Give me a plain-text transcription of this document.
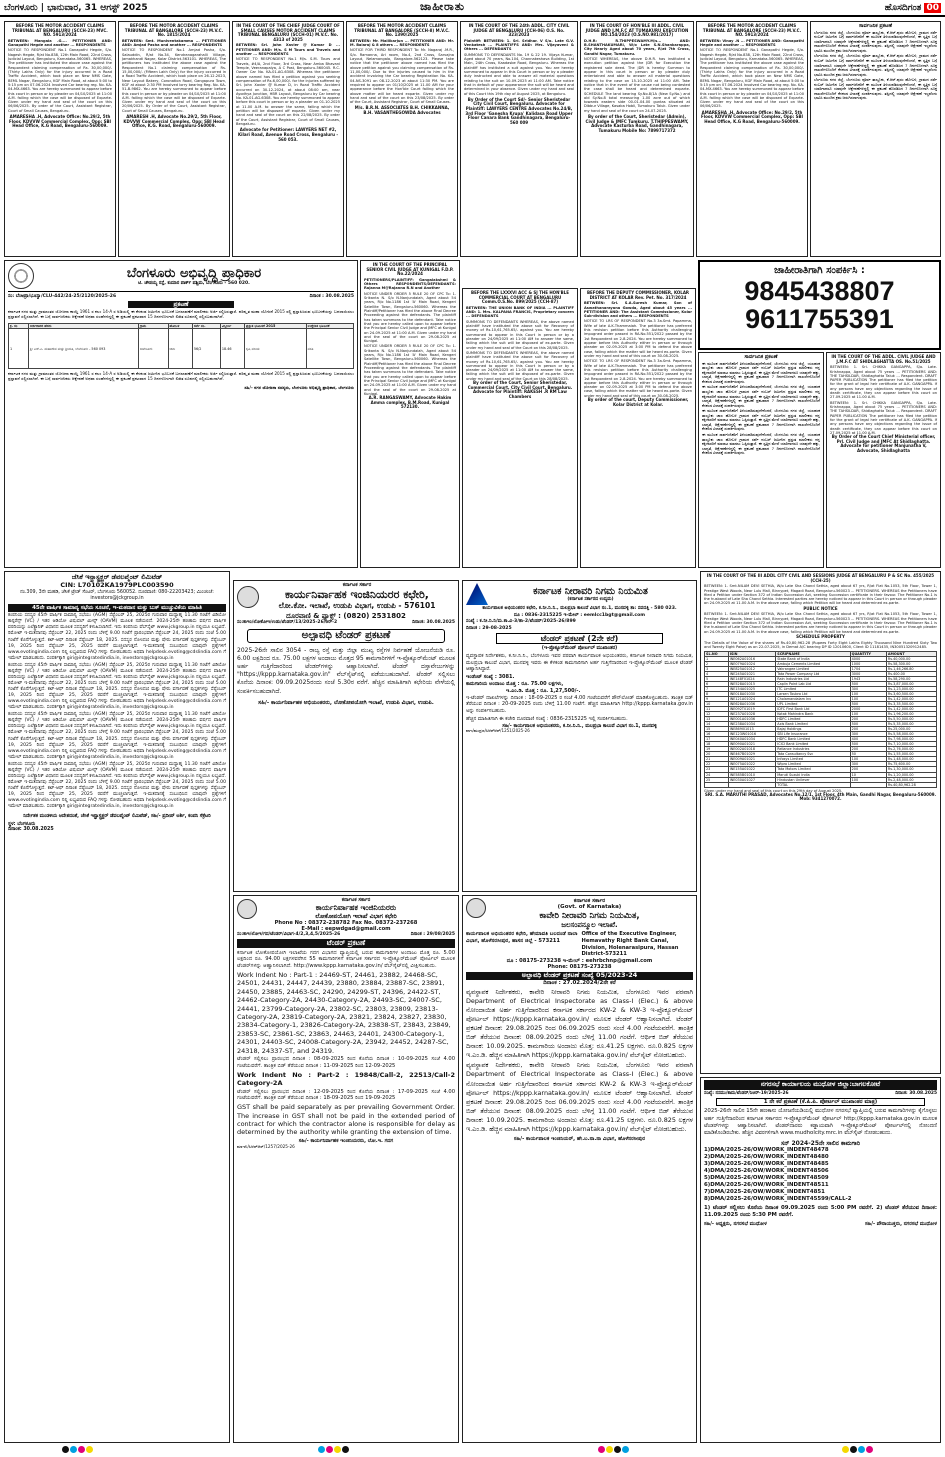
ಬೆಂಗಳೂರು | ಭಾನುವಾರ, 31 ಆಗಸ್ಟ್ 2025	ಜಾಹೀರಾತು	ಹೊಸದಿಗಂತ 00
BEFORE THE MOTOR ACCIDENT CLAIMS TRIBUNAL AT BENGALURU (SCCH-23) MVC. NO. 5913/2024
BETWEEN: Mangala .G.... PETITIONER AND: Ganapathi Hegde and another ... RESPONDENTS
NOTICE TO RESPONDENT No.1 Ganapathi Hegde, S/o. Nagesh Hegde, R/at No.838, 12th Main Road, 22nd Cross, Judicial Layout, Bengaluru, Karnataka-560065. WHEREAS, The petitioner has instituted the above case against the Respondent claiming compensation of Rs. 30,00,000/- (Thirty Lakhs Only) for the injury occurred in a Road Traffic Accident, which took place on New NMS Gate, BEML Nagar, Bengaluru, KGF Main Road, at about 5:00 to 5:15 pm on 07.06.2024 Involved Car bearing reg. No. KA-04-MX-4663. You are hereby summoned to appear before this court in person or by pleader on 04/10/2025 at 11:00 A.M. failing which the case will be disposed of Exparte. Given under my hand and seal of the court on this 06/06/2025. By order of the Court, Assistant Registrar, Court of Small Causes, Bengaluru.
AMARESHA .H, Advocate Office: No.29/2, 5th Floor, KDVVW Commercial Complex, Opp: SBI Head Office, K.G Road, Bengaluru-560009.
BEFORE THE MOTOR ACCIDENT CLAIMS TRIBUNAL AT BANGALORE (SCCH-23) M.V.C. No. 1815/2024
BETWEEN: Smt. Muniventakamma ... PETITIONER AND: Amjad Pasha and another ... RESPONDENTS
NOTICE TO RESPONDENT No.1 Amjad Pasha, S/o. Salauddin, R/at No.34, Kendranagarahalli Village, Jamakhandi Nagar, Kolar District-563101. WHEREAS, The petitioners has instituted the above case against the Respondent No.1 claiming compensation of Rs. 15,00,000/- (Fifteen Lakh Only) for the injury occurred in a Road Traffic Accident, which took place on 26.12.2023, Near Loyout Bakery, Coronation Road, Gangapura Town, KGF at about 2:30 PM Involved lorry bearing Reg. No. KA-51-B-9862. You are hereby summoned to appear before this court in person or by pleader on 04/10/2025 at 11:00 A.M. failing which the case will be disposed of Exparte. Given under my hand and seal of the court on this 20/06/2025. By Order of the Court, Assistant Registrar, Court of Small Causes, Bengaluru.
AMARESH .H, Advocate No.29/2, 5th Floor, KDVVW Commercial Complex, Opp: SBI Head Office, K.G. Road, Bengaluru-560009.
IN THE COURT OF THE CHIEF JUDGE COURT OF SMALL CAUSES MOTOR ACCIDENT CLAIMS TRIBUNAL BENGALURU (SCCH-01) M.V.C. No. 4313 of 2025
BETWEEN: Sri. John Xavier @ Kumar D ... PETITIONER AND: M/s. S M Tours and Travels and another ... RESPONDENTS
NOTICE TO RESPONDENT No.1 M/s. S.M. Tours and Travels, #4/A, 2nd Floor, 3rd Cross, Near Amba Bhavani Temple, Veeranapalya, A C Post, Bengaluru-560045. R.C. Owner Car No. KA-01-AG-6308. Whereas the petitioner above named has filed a petition against you seeking compensation of Rs.6,00,000/- for the injuries suffered by Sri. John Xavier @ Kumar D, in Road Traffic Accident occurred on 30-12-2024, at about 08:00 am, near Ayodhya Junction, HBR Layout, Bengaluru by Car bearing No. KA-01-AG-6308. You are hereby summoned to appear before this court in person or by a pleader on 01.10.2025 at 11.00 A.M. to answer the same, failing which the petition will be disposed off exparte. Given under my hand and seal of the court on this 22/08/2025. By order of the Court, Assistant Registrar, Court of Small Causes, Bengaluru.
Advocate for Petitioner: LAWYERS NET #2, Kilari Road, Avenue Road Cross, Bengaluru - 560 053.
BEFORE THE MOTOR ACCIDENT CLAIMS TRIBUNAL AT BANGALORE (SCCH-8) M.V.C. No. 1390/2025
BETWEEN: Mr. Mallikarjun ... PETITIONER AND: Mr. M. Balaraj & 8 others ... RESPONDENTS
NOTICE FOR THIRD RESPONDENT To: Mr. Nagaraj .M.R., S/o. Ramanna, Ari room, No.4, 2nd Cross, Sarvajna Layout, Nelamangala, Bangalore-562123. Please take notice that the petitioner above named has filed the above petition against you claiming compensation of Rs. 11,00,000/- Due to the injuries caused to him in the accident involving the Car bearing Registration No. KA-04-NS-3091 on 08-12-2023 at about 11:30 PM. You are required to appear on 01/10/2025 at 11.00 AM for your appearance before the Hon'ble Court failing which the above matter will be heard exparte. Given under my hand and seal of the court on this 23/08/2025. By order of the Court, Assistant Registrar, Court of Small Causes.
M/s. B.R.N. ASSOCIATES B.H. CHIKKANNA, B.H. VASANTHEGOWDA Advocates
IN THE COURT OF THE 24th ADDL. CITY CIVIL JUDGE AT BENGALURU (CCH-06) O.S. No. 323/2023
Plaintiff: BETWEEN: 1. Sri. Sridhar. V S/o. Late G.V. Venkatesh ... PLAINTIFFS AND: Mrs. Vijayaveni & Others ... DEFENDANTS
SUMMONS TO DEFENDANTS No. 19 & 22 19. Vijaya Kumar, Aged about 70 years, No.104, Channakeshava Building, 1st Main, 24th Cross, Kaadasbe Road, Bengaluru. Whereas the plaintiff has instituted a suit against you. You are hereby summoned to appear in this Court in person or by a pleader duly instructed and able to answer all material questions relating to the suit on 10-09-2025 at 11:00 AM. Take notice that in default of your appearance the suit will be heard and determined in your absence. Given under my hand and seal of this Court this 19th day of August 2025, at Bengaluru.
By Order of the Court Sd/- Senior Sheristedar City Civil Court, Bengaluru. Advocate for Plaintiff: LAWYERS CENTRE Advocates No.24/B, 3rd Floor 'Ganesha Krupa' Kalidasa Road Upper Floor Canara Bank Gandhinagara, Bengaluru-560 009
IN THE COURT OF HON'BLE III ADDL. CIVIL JUDGE AND J.M.F.C AT TUMAKURU EXECUTION NO.154/2023 (O.S.NO.981/2017)
D.H.R: R.THIPPESWAMY.M/s... AND: B.SHANTHAKUMARI, W/o Late S.N.Shankarappa, City Nearly Aged about 70 years, R/at 7th Cross, Gandhi Nagar, Tumakuru.
NOTICE WHEREAS, the above D.H.R. has instituted a execution petition against the JDR for Execution the registered sale deed. The JDR is hereby Summon to appear in this court in person or by pleader duly entertained and able to answer all material questions relating to the case on 15-10-2025 at 11:00 AM. Take notice that in the event of the cause not being contested the case shall be heard and determined exparte. SCHEDULE The land bearing Sy.No.8/1A (New Sy.No.) and old Sy.No.8 total measuring 1-00 acre out of which towards eastern side 00-01.04.00 guntas situated at Dibbur Village, Kasaba Hobli, Tumakuru Taluk. Given under my hand and seal of the court on 24-07-2025.
By order of the Court, Sheristedar (Admin), Civil Judge & JMFC Tumkuru. T.THIPPESWAMY, Advocate Kasturba Road, Gandhinagara, Tumakuru Mobile No: 7899717372
BEFORE THE MOTOR ACCIDENT CLAIMS TRIBUNAL AT BANGALORE (SCCH-23) M.V.C. NO. 5913/2024
BETWEEN: Vinay .N ... PETITIONER AND: Ganapathi Hegde and another ... RESPONDENTS
NOTICE TO RESPONDENT No.1 Ganapathi Hegde, S/o. Nagesh Hegde, R/at No.838, 12th Main Road, 22nd Cross, Judicial Layout, Bengaluru, Karnataka-560065. WHEREAS, The petitioner has instituted the above case against the Respondent claiming compensation of Rs. 30,00,000/- (Thirty Lakhs Only) for the injury occurred in a Road Traffic Accident, which took place on New NMS Gate, BEML Nagar, Bengaluru, KGF Main Road, at about 5:00 to 5:15 pm on 07.06.2024 Involved Car bearing reg. No. KA-04-MX-4663. You are hereby summoned to appear before this court in person or by pleader on 04/10/2025 at 11:00 A.M. failing which the case will be disposed of Exparte. Given under my hand and seal of the court on this 06/06/2025.
AMARESHA .H, Advocate Office: No.29/2, 5th Floor, KDVVW Commercial Complex, Opp: SBI Head Office, K.G Road, Bengaluru-560009.
ಸಾರ್ವಜನಿಕ ಪ್ರಕಟಣೆ
ಬೆಂಗಳೂರು ನಗರ ಜಿಲ್ಲೆ, ಬೆಂಗಳೂರು ಪೂರ್ವ ತಾಲ್ಲೂಕು, ಕೆ.ಆರ್.ಪುರಂ ಹೋಬಳಿ, ಗ್ರಾಮದ ಸರ್ವೆ ನಂಬರ್ ಜಮೀನಿನ ಬಗ್ಗೆ ಸಾರ್ವಜನಿಕರಿಗೆ ಈ ಮೂಲಕ ತಿಳಿಯಪಡಿಸುವುದೇನೆಂದರೆ, ಈ ಸ್ವತ್ತಿನ ಬಗ್ಗೆ ಯಾರಿಗಾದರೂ ಯಾವುದೇ ಆಕ್ಷೇಪಣೆಗಳಿದ್ದಲ್ಲಿ ಈ ಪ್ರಕಟಣೆ ಹೊರಡಿಸಿದ 7 ದಿನಗಳೊಳಗಾಗಿ ಸೂಕ್ತ ದಾಖಲೆಗಳೊಂದಿಗೆ ಕೆಳಕಂಡ ವಿಳಾಸಕ್ಕೆ ಸಂಪರ್ಕಿಸುವುದು. ತಪ್ಪಿದಲ್ಲಿ ಯಾವುದೇ ಆಕ್ಷೇಪಣೆ ಇಲ್ಲವೆಂದು ಭಾವಿಸಿ ಮುಂದಿನ ಕ್ರಮ ಜರುಗಿಸಲಾಗುವುದು.
ಬೆಂಗಳೂರು ನಗರ ಜಿಲ್ಲೆ, ಬೆಂಗಳೂರು ಪೂರ್ವ ತಾಲ್ಲೂಕು, ಕೆ.ಆರ್.ಪುರಂ ಹೋಬಳಿ, ಗ್ರಾಮದ ಸರ್ವೆ ನಂಬರ್ ಜಮೀನಿನ ಬಗ್ಗೆ ಸಾರ್ವಜನಿಕರಿಗೆ ಈ ಮೂಲಕ ತಿಳಿಯಪಡಿಸುವುದೇನೆಂದರೆ, ಈ ಸ್ವತ್ತಿನ ಬಗ್ಗೆ ಯಾರಿಗಾದರೂ ಯಾವುದೇ ಆಕ್ಷೇಪಣೆಗಳಿದ್ದಲ್ಲಿ ಈ ಪ್ರಕಟಣೆ ಹೊರಡಿಸಿದ 7 ದಿನಗಳೊಳಗಾಗಿ ಸೂಕ್ತ ದಾಖಲೆಗಳೊಂದಿಗೆ ಕೆಳಕಂಡ ವಿಳಾಸಕ್ಕೆ ಸಂಪರ್ಕಿಸುವುದು. ತಪ್ಪಿದಲ್ಲಿ ಯಾವುದೇ ಆಕ್ಷೇಪಣೆ ಇಲ್ಲವೆಂದು ಭಾವಿಸಿ ಮುಂದಿನ ಕ್ರಮ ಜರುಗಿಸಲಾಗುವುದು.
ಬೆಂಗಳೂರು ನಗರ ಜಿಲ್ಲೆ, ಬೆಂಗಳೂರು ಪೂರ್ವ ತಾಲ್ಲೂಕು, ಕೆ.ಆರ್.ಪುರಂ ಹೋಬಳಿ, ಗ್ರಾಮದ ಸರ್ವೆ ನಂಬರ್ ಜಮೀನಿನ ಬಗ್ಗೆ ಸಾರ್ವಜನಿಕರಿಗೆ ಈ ಮೂಲಕ ತಿಳಿಯಪಡಿಸುವುದೇನೆಂದರೆ, ಈ ಸ್ವತ್ತಿನ ಬಗ್ಗೆ ಯಾರಿಗಾದರೂ ಯಾವುದೇ ಆಕ್ಷೇಪಣೆಗಳಿದ್ದಲ್ಲಿ ಈ ಪ್ರಕಟಣೆ ಹೊರಡಿಸಿದ 7 ದಿನಗಳೊಳಗಾಗಿ ಸೂಕ್ತ ದಾಖಲೆಗಳೊಂದಿಗೆ ಕೆಳಕಂಡ ವಿಳಾಸಕ್ಕೆ ಸಂಪರ್ಕಿಸುವುದು. ತಪ್ಪಿದಲ್ಲಿ ಯಾವುದೇ ಆಕ್ಷೇಪಣೆ ಇಲ್ಲವೆಂದು ಭಾವಿಸಿ ಮುಂದಿನ ಕ್ರಮ ಜರುಗಿಸಲಾಗುವುದು.
ಬೆಂಗಳೂರು ಅಭಿವೃದ್ಧಿ ಪ್ರಾಧಿಕಾರ
ಟಿ. ಚೌಡಯ್ಯ ರಸ್ತೆ, ಕುಮಾರ ಪಾರ್ಕ್ ಪಶ್ಚಿಮ, ಬೆಂಗಳೂರು - 560 020.
ಸಂ: ಬೆಂಅಪ್ರಾ/ಭೂಸ್ವಾ/CLU-442/24-25/2120/2025-26	ದಿನಾಂಕ : 30.08.2025
ಪ್ರಕಟಣೆ
ಕರ್ನಾಟಕ ನಗರ ಮತ್ತು ಗ್ರಾಮಾಂತರ ಯೋಜನಾ ಕಾಯ್ದೆ 1961 ರ ಕಲಂ 14-A ರ ಅಡಿಯಲ್ಲಿ ಈ ಕೆಳಕಂಡ ಜಮೀನಿನ ಭೂಬಳಕೆ ಬದಲಾವಣೆಗೆ ಮಾಲೀಕರು ಅರ್ಜಿ ಸಲ್ಲಿಸಿರುತ್ತಾರೆ. ಪರಿಷ್ಕೃತ ಮಹಾ ಯೋಜನೆ 2015 ರಲ್ಲಿ ಪ್ರಸ್ತಾಪಿಸಿರುವ ಭೂಬಳಕೆಯನ್ನು ಬದಲಾಯಿಸಲು ಪ್ರಸ್ತಾವನೆ ಸಲ್ಲಿಸಲಾಗಿದೆ. ಈ ಬಗ್ಗೆ ಸಾರ್ವಜನಿಕರು ಆಕ್ಷೇಪಣೆ ಅಥವಾ ಸಲಹೆಗಳಿದ್ದಲ್ಲಿ ಈ ಪ್ರಕಟಣೆ ಪ್ರಕಟವಾದ 15 ದಿನಗಳೊಳಗಾಗಿ ಲಿಖಿತ ರೂಪದಲ್ಲಿ ಸಲ್ಲಿಸಬಹುದಾಗಿದೆ.
ಕ್ರ. ಸಂ	ಅರ್ಜಿದಾರರ ಹೆಸರು	ಗ್ರಾಮ	ಹೋಬಳಿ	ಸರ್ವೆ ನಂ.	ವಿಸ್ತೀರ್ಣ	ಪ್ರಸ್ತುತ ಭೂಬಳಕೆ 2015	ಉದ್ದೇಶಿತ ಭೂಬಳಕೆ
1	ಶ್ರೀ ಎಸ್.ಎ. ಮಹಾದೇವ ಮತ್ತು ಶ್ರೀಮತಿ, ಬೆಂಗಳೂರು - 560 093	ಬಾಗಲೂರು	ಜಾಲ	56/2	18.46	ಕೃಷಿ ವಲಯ	ವಸತಿ
ಕರ್ನಾಟಕ ನಗರ ಮತ್ತು ಗ್ರಾಮಾಂತರ ಯೋಜನಾ ಕಾಯ್ದೆ 1961 ರ ಕಲಂ 14-A ರ ಅಡಿಯಲ್ಲಿ ಈ ಕೆಳಕಂಡ ಜಮೀನಿನ ಭೂಬಳಕೆ ಬದಲಾವಣೆಗೆ ಮಾಲೀಕರು ಅರ್ಜಿ ಸಲ್ಲಿಸಿರುತ್ತಾರೆ. ಪರಿಷ್ಕೃತ ಮಹಾ ಯೋಜನೆ 2015 ರಲ್ಲಿ ಪ್ರಸ್ತಾಪಿಸಿರುವ ಭೂಬಳಕೆಯನ್ನು ಬದಲಾಯಿಸಲು ಪ್ರಸ್ತಾವನೆ ಸಲ್ಲಿಸಲಾಗಿದೆ. ಈ ಬಗ್ಗೆ ಸಾರ್ವಜನಿಕರು ಆಕ್ಷೇಪಣೆ ಅಥವಾ ಸಲಹೆಗಳಿದ್ದಲ್ಲಿ ಈ ಪ್ರಕಟಣೆ ಪ್ರಕಟವಾದ 15 ದಿನಗಳೊಳಗಾಗಿ ಲಿಖಿತ ರೂಪದಲ್ಲಿ ಸಲ್ಲಿಸಬಹುದಾಗಿದೆ.
ಸಹಿ/- ನಗರ ಯೋಜನಾ ಸದಸ್ಯರು, ಬೆಂಗಳೂರು ಅಭಿವೃದ್ಧಿ ಪ್ರಾಧಿಕಾರ, ಬೆಂಗಳೂರು
IN THE COURT OF THE PRINCIPAL SENIOR CIVIL JUDGE AT KUNIGAL F.D.P. No.22/2024
PETITIONERS/PLAINTIFF: Gangalakshmi & Others RESPONDENTS/DEFENDANTS: Rajanna M@Rajanna R.N and Another
NOTICE UNDER ORDER 5 RULE 20 OF CPC To: 1. Srikanta N. S/o N.Nanjundaiah, Aged about 54 years, R/o No.1186 1st 'A' Main Road, Kengeri Satellite Town, Bengaluru-560060. Whereas the Plaintiff/Petitioner has filed the above Final Decree Proceeding against the defendants. The plaintiff has taken summons to the defendant. Take notice that you are hereby called upon to appear before the Principal Senior Civil Judge and JMFC at Kunigal on 24-09-2025 at 11:00 A.M. Given under my hand and the seal of the court on 29-08-2025 at Kunigal.
NOTICE UNDER ORDER 5 RULE 20 OF CPC To: 1. Srikanta N. S/o N.Nanjundaiah, Aged about 54 years, R/o No.1186 1st 'A' Main Road, Kengeri Satellite Town, Bengaluru-560060. Whereas the Plaintiff/Petitioner has filed the above Final Decree Proceeding against the defendants. The plaintiff has taken summons to the defendant. Take notice that you are hereby called upon to appear before the Principal Senior Civil Judge and JMFC at Kunigal on 24-09-2025 at 11:00 A.M. Given under my hand and the seal of the court on 29-08-2025 at Kunigal.
A.R. RANGASWAMY, Advocate Hakim Amma complex, B.M.Road, Kunigal 572130.
BEFORE THE LXXXVI ACC & SJ THE HON'BLE COMMERCIAL COURT AT BENGALURU Comm.O.S.No. 899/2025 (CCH-87)
BETWEEN: THE UNION BANK OF INDIA ... PLAINTIFF AND: 1. Mrs. KALPANA FRANCIS, Proprietary concern ... DEFENDANTS
SUMMONS TO DEFENDANTS WHEREAS, the above named plaintiff have instituted the above suit for Recovery of money of Rs.10,61,765.65/- against you. You are hereby summoned to appear in this Court in person or by a pleader on 24/09/2025 at 11:00 AM to answer the same, failing which the suit will be disposed of ex-parte. Given under my hand and seal of the Court on this 28/08/2025.
SUMMONS TO DEFENDANTS WHEREAS, the above named plaintiff have instituted the above suit for Recovery of money of Rs.10,61,765.65/- against you. You are hereby summoned to appear in this Court in person or by a pleader on 24/09/2025 at 11:00 AM to answer the same, failing which the suit will be disposed of ex-parte. Given under my hand and seal of the Court on this 28/08/2025.
By order of the Court, Senior Sheristedar, Commercial Court, City Civil Court, Bengaluru. Advocate for Plaintiff: RAKESH .R RM Law Chambers
BEFORE THE DEPUTY COMMISSIONER, KOLAR DISTRICT AT KOLAR Rev. Pet. No. 317/2024
BETWEEN: Sri. S.A.Suresh Kumar, Son of Aswathanarayana Gowda, Aged about 45 years ... PETITIONER AND: The Assistant Commissioner, Kolar Sub-division and others ... RESPONDENTS
NOTICE TO LRS OF RESPONDENT No.3 3a.Smt. Papamma, Wife of late A.K.Thammaiah. The petitioner has preferred this revision petition before this Authority challenging impugned order passed in RA.No.551/2022 passed by the 1st Respondent on 2-8-2024. You are hereby summoned to appear before this Authority either in person or through pleader on 02-09-2025 at 3:00 PM to defend the above case, failing which the matter will be heard ex-parte. Given under my hand and seal of this court on 30-08-2025.
NOTICE TO LRS OF RESPONDENT No.3 3a.Smt. Papamma, Wife of late A.K.Thammaiah. The petitioner has preferred this revision petition before this Authority challenging impugned order passed in RA.No.551/2022 passed by the 1st Respondent on 2-8-2024. You are hereby summoned to appear before this Authority either in person or through pleader on 02-09-2025 at 3:00 PM to defend the above case, failing which the matter will be heard ex-parte. Given under my hand and seal of this court on 30-08-2025.
By order of the court, Deputy Commissioner, Kolar District at Kolar.
ಜಾಹೀರಾತಿಗಾಗಿ ಸಂಪರ್ಕಿಸಿ :
9845438807
9611755391
ಸಾರ್ವಜನಿಕ ಪ್ರಕಟಣೆ
ಈ ಮೂಲಕ ಸಾರ್ವಜನಿಕರಿಗೆ ತಿಳಿಯಪಡಿಸುವುದೇನೆಂದರೆ, ಬೆಂಗಳೂರು ನಗರ ಜಿಲ್ಲೆ, ಯಲಹಂಕ ತಾಲ್ಲೂಕು ಜಾಲ ಹೋಬಳಿ ಗ್ರಾಮದ ಸರ್ವೆ ನಂಬರ್ ಜಮೀನಿನ ಪ್ರಸ್ತುತ ಮಾಲೀಕರು ನನ್ನ ಕಕ್ಷಿದಾರರಿಗೆ ಮಾರಾಟ ಮಾಡಲು ಒಪ್ಪಿರುತ್ತಾರೆ. ಈ ಸ್ವತ್ತಿನ ಮೇಲೆ ಯಾರಿಗಾದರೂ ಯಾವುದೇ ಹಕ್ಕು, ಬಾಧ್ಯತೆ, ಆಕ್ಷೇಪಣೆಗಳಿದ್ದಲ್ಲಿ ಈ ಪ್ರಕಟಣೆ ಪ್ರಕಟವಾದ 7 ದಿನಗಳೊಳಗಾಗಿ ದಾಖಲೆಗಳೊಂದಿಗೆ ಕೆಳಕಂಡ ವಿಳಾಸಕ್ಕೆ ಸಂಪರ್ಕಿಸುವುದು.
ಈ ಮೂಲಕ ಸಾರ್ವಜನಿಕರಿಗೆ ತಿಳಿಯಪಡಿಸುವುದೇನೆಂದರೆ, ಬೆಂಗಳೂರು ನಗರ ಜಿಲ್ಲೆ, ಯಲಹಂಕ ತಾಲ್ಲೂಕು ಜಾಲ ಹೋಬಳಿ ಗ್ರಾಮದ ಸರ್ವೆ ನಂಬರ್ ಜಮೀನಿನ ಪ್ರಸ್ತುತ ಮಾಲೀಕರು ನನ್ನ ಕಕ್ಷಿದಾರರಿಗೆ ಮಾರಾಟ ಮಾಡಲು ಒಪ್ಪಿರುತ್ತಾರೆ. ಈ ಸ್ವತ್ತಿನ ಮೇಲೆ ಯಾರಿಗಾದರೂ ಯಾವುದೇ ಹಕ್ಕು, ಬಾಧ್ಯತೆ, ಆಕ್ಷೇಪಣೆಗಳಿದ್ದಲ್ಲಿ ಈ ಪ್ರಕಟಣೆ ಪ್ರಕಟವಾದ 7 ದಿನಗಳೊಳಗಾಗಿ ದಾಖಲೆಗಳೊಂದಿಗೆ ಕೆಳಕಂಡ ವಿಳಾಸಕ್ಕೆ ಸಂಪರ್ಕಿಸುವುದು.
ಈ ಮೂಲಕ ಸಾರ್ವಜನಿಕರಿಗೆ ತಿಳಿಯಪಡಿಸುವುದೇನೆಂದರೆ, ಬೆಂಗಳೂರು ನಗರ ಜಿಲ್ಲೆ, ಯಲಹಂಕ ತಾಲ್ಲೂಕು ಜಾಲ ಹೋಬಳಿ ಗ್ರಾಮದ ಸರ್ವೆ ನಂಬರ್ ಜಮೀನಿನ ಪ್ರಸ್ತುತ ಮಾಲೀಕರು ನನ್ನ ಕಕ್ಷಿದಾರರಿಗೆ ಮಾರಾಟ ಮಾಡಲು ಒಪ್ಪಿರುತ್ತಾರೆ. ಈ ಸ್ವತ್ತಿನ ಮೇಲೆ ಯಾರಿಗಾದರೂ ಯಾವುದೇ ಹಕ್ಕು, ಬಾಧ್ಯತೆ, ಆಕ್ಷೇಪಣೆಗಳಿದ್ದಲ್ಲಿ ಈ ಪ್ರಕಟಣೆ ಪ್ರಕಟವಾದ 7 ದಿನಗಳೊಳಗಾಗಿ ದಾಖಲೆಗಳೊಂದಿಗೆ ಕೆಳಕಂಡ ವಿಳಾಸಕ್ಕೆ ಸಂಪರ್ಕಿಸುವುದು.
ಈ ಮೂಲಕ ಸಾರ್ವಜನಿಕರಿಗೆ ತಿಳಿಯಪಡಿಸುವುದೇನೆಂದರೆ, ಬೆಂಗಳೂರು ನಗರ ಜಿಲ್ಲೆ, ಯಲಹಂಕ ತಾಲ್ಲೂಕು ಜಾಲ ಹೋಬಳಿ ಗ್ರಾಮದ ಸರ್ವೆ ನಂಬರ್ ಜಮೀನಿನ ಪ್ರಸ್ತುತ ಮಾಲೀಕರು ನನ್ನ ಕಕ್ಷಿದಾರರಿಗೆ ಮಾರಾಟ ಮಾಡಲು ಒಪ್ಪಿರುತ್ತಾರೆ. ಈ ಸ್ವತ್ತಿನ ಮೇಲೆ ಯಾರಿಗಾದರೂ ಯಾವುದೇ ಹಕ್ಕು, ಬಾಧ್ಯತೆ, ಆಕ್ಷೇಪಣೆಗಳಿದ್ದಲ್ಲಿ ಈ ಪ್ರಕಟಣೆ ಪ್ರಕಟವಾದ 7 ದಿನಗಳೊಳಗಾಗಿ ದಾಖಲೆಗಳೊಂದಿಗೆ ಕೆಳಕಂಡ ವಿಳಾಸಕ್ಕೆ ಸಂಪರ್ಕಿಸುವುದು.
IN THE COURT OF THE ADDL. CIVIL JUDGE AND J.M.F.C AT SHIDLAGHATTA OS. No.51/2025
BETWEEN: 1. Sri. CHIKKA GANGAPPA, S/o. Late. Krishnappa, Aged about 75 years ... PETITIONERS AND: THE TAHSILDAR, Shidlaghatta Taluk ... Respondent. DRAFT PAPER PUBLICATION The petitioner has filed the petition for the grant of legal heir certificate of A.K. GANGAPPA. If any persons have any objections regarding the issue of death certificate, they can appear before this court on 27.09.2025 at 11.00 A.M.
BETWEEN: 1. Sri. CHIKKA GANGAPPA, S/o. Late. Krishnappa, Aged about 75 years ... PETITIONERS AND: THE TAHSILDAR, Shidlaghatta Taluk ... Respondent. DRAFT PAPER PUBLICATION The petitioner has filed the petition for the grant of legal heir certificate of A.K. GANGAPPA. If any persons have any objections regarding the issue of death certificate, they can appear before this court on 27.09.2025 at 11.00 A.M.
By Order of the Court Chief Ministerial officer, Prl. Civil Judge and JMFC At Shidlaghatta. Advocate for petitioner Manjunatha V, Advocate, Shidlaghatta
ಜೆಸಿಕೆ ಇನ್ಫ್ರಾಸ್ಟ್ರಕ್ಚರ್ ಡೆವಲಪ್ಮೆಂಟ್ ಲಿಮಿಟೆಡ್
CIN: L70102KA1979PLC003590
ನಂ.309, 3ನೇ ಮಹಡಿ, ಜೆಸಿಕೆ ಟ್ರೇಡ್ ಸೆಂಟರ್, ಬೆಂಗಳೂರು 560052. ದೂರವಾಣಿ: 080-22203423; ಮಿಂಚಂಚೆ: investors@jckgroup.in
45ನೇ ವಾರ್ಷಿಕ ಸಾಮಾನ್ಯ ಸಭೆಯ ಸೂಚನೆ, ಇ-ಮತದಾನ ಮತ್ತು ಬುಕ್ ಮುಚ್ಚುವಿಕೆಯ ಮಾಹಿತಿ
ಕಂಪನಿಯ ಸದಸ್ಯರ 45ನೇ ವಾರ್ಷಿಕ ಸಾಮಾನ್ಯ ಸಭೆಯು (AGM) ಸೆಪ್ಟೆಂಬರ್ 25, 2025ರ ಗುರುವಾರ ಮಧ್ಯಾಹ್ನ 11.30 ಗಂಟೆಗೆ ವಿಡಿಯೋ ಕಾನ್ಫರೆನ್ಸ್ (VC) / ಇತರ ಆಡಿಯೋ ವಿಷುವಲ್ ಮೀನ್ಸ್ (OAVM) ಮೂಲಕ ನಡೆಯಲಿದೆ. 2024-25ನೇ ಹಣಕಾಸು ವರ್ಷದ ವಾರ್ಷಿಕ ವರದಿಯನ್ನು ಎಲೆಕ್ಟ್ರಾನಿಕ್ ವಿಧಾನದ ಮೂಲಕ ಸದಸ್ಯರಿಗೆ ಕಳುಹಿಸಲಾಗಿದೆ. ಇದು ಕಂಪನಿಯ ವೆಬ್‌ಸೈಟ್ www.jckgroup.in ನಲ್ಲಿಯೂ ಲಭ್ಯವಿದೆ. ರಿಮೋಟ್ ಇ-ಮತದಾನವು ಸೆಪ್ಟೆಂಬರ್ 22, 2025 ರಂದು ಬೆಳಿಗ್ಗೆ 9.00 ಗಂಟೆಗೆ ಪ್ರಾರಂಭವಾಗಿ ಸೆಪ್ಟೆಂಬರ್ 24, 2025 ರಂದು ಸಂಜೆ 5.00 ಗಂಟೆಗೆ ಕೊನೆಗೊಳ್ಳುತ್ತದೆ. ಕಟ್-ಆಫ್ ದಿನಾಂಕ ಸೆಪ್ಟೆಂಬರ್ 18, 2025. ಸದಸ್ಯರ ನೋಂದಣಿ ಮತ್ತು ಷೇರು ವರ್ಗಾವಣೆ ಪುಸ್ತಕಗಳನ್ನು ಸೆಪ್ಟೆಂಬರ್ 19, 2025 ರಿಂದ ಸೆಪ್ಟೆಂಬರ್ 25, 2025 ರವರೆಗೆ ಮುಚ್ಚಲಾಗುತ್ತದೆ. ಇ-ಮತದಾನಕ್ಕೆ ಸಂಬಂಧಿಸಿದ ಯಾವುದೇ ಪ್ರಶ್ನೆಗಳಿಗೆ www.evotingindia.com ನಲ್ಲಿ ಲಭ್ಯವಿರುವ FAQ ಗಳನ್ನು ನೋಡಬಹುದು ಅಥವಾ helpdesk.evoting@cdslindia.com ಗೆ ಇಮೇಲ್ ಮಾಡಬಹುದು. ಸಂಪರ್ಕಕ್ಕಾಗಿ giri@integratedindia.in, investors@jckgroup.in
ಕಂಪನಿಯ ಸದಸ್ಯರ 45ನೇ ವಾರ್ಷಿಕ ಸಾಮಾನ್ಯ ಸಭೆಯು (AGM) ಸೆಪ್ಟೆಂಬರ್ 25, 2025ರ ಗುರುವಾರ ಮಧ್ಯಾಹ್ನ 11.30 ಗಂಟೆಗೆ ವಿಡಿಯೋ ಕಾನ್ಫರೆನ್ಸ್ (VC) / ಇತರ ಆಡಿಯೋ ವಿಷುವಲ್ ಮೀನ್ಸ್ (OAVM) ಮೂಲಕ ನಡೆಯಲಿದೆ. 2024-25ನೇ ಹಣಕಾಸು ವರ್ಷದ ವಾರ್ಷಿಕ ವರದಿಯನ್ನು ಎಲೆಕ್ಟ್ರಾನಿಕ್ ವಿಧಾನದ ಮೂಲಕ ಸದಸ್ಯರಿಗೆ ಕಳುಹಿಸಲಾಗಿದೆ. ಇದು ಕಂಪನಿಯ ವೆಬ್‌ಸೈಟ್ www.jckgroup.in ನಲ್ಲಿಯೂ ಲಭ್ಯವಿದೆ. ರಿಮೋಟ್ ಇ-ಮತದಾನವು ಸೆಪ್ಟೆಂಬರ್ 22, 2025 ರಂದು ಬೆಳಿಗ್ಗೆ 9.00 ಗಂಟೆಗೆ ಪ್ರಾರಂಭವಾಗಿ ಸೆಪ್ಟೆಂಬರ್ 24, 2025 ರಂದು ಸಂಜೆ 5.00 ಗಂಟೆಗೆ ಕೊನೆಗೊಳ್ಳುತ್ತದೆ. ಕಟ್-ಆಫ್ ದಿನಾಂಕ ಸೆಪ್ಟೆಂಬರ್ 18, 2025. ಸದಸ್ಯರ ನೋಂದಣಿ ಮತ್ತು ಷೇರು ವರ್ಗಾವಣೆ ಪುಸ್ತಕಗಳನ್ನು ಸೆಪ್ಟೆಂಬರ್ 19, 2025 ರಿಂದ ಸೆಪ್ಟೆಂಬರ್ 25, 2025 ರವರೆಗೆ ಮುಚ್ಚಲಾಗುತ್ತದೆ. ಇ-ಮತದಾನಕ್ಕೆ ಸಂಬಂಧಿಸಿದ ಯಾವುದೇ ಪ್ರಶ್ನೆಗಳಿಗೆ www.evotingindia.com ನಲ್ಲಿ ಲಭ್ಯವಿರುವ FAQ ಗಳನ್ನು ನೋಡಬಹುದು ಅಥವಾ helpdesk.evoting@cdslindia.com ಗೆ ಇಮೇಲ್ ಮಾಡಬಹುದು. ಸಂಪರ್ಕಕ್ಕಾಗಿ giri@integratedindia.in, investors@jckgroup.in
ಕಂಪನಿಯ ಸದಸ್ಯರ 45ನೇ ವಾರ್ಷಿಕ ಸಾಮಾನ್ಯ ಸಭೆಯು (AGM) ಸೆಪ್ಟೆಂಬರ್ 25, 2025ರ ಗುರುವಾರ ಮಧ್ಯಾಹ್ನ 11.30 ಗಂಟೆಗೆ ವಿಡಿಯೋ ಕಾನ್ಫರೆನ್ಸ್ (VC) / ಇತರ ಆಡಿಯೋ ವಿಷುವಲ್ ಮೀನ್ಸ್ (OAVM) ಮೂಲಕ ನಡೆಯಲಿದೆ. 2024-25ನೇ ಹಣಕಾಸು ವರ್ಷದ ವಾರ್ಷಿಕ ವರದಿಯನ್ನು ಎಲೆಕ್ಟ್ರಾನಿಕ್ ವಿಧಾನದ ಮೂಲಕ ಸದಸ್ಯರಿಗೆ ಕಳುಹಿಸಲಾಗಿದೆ. ಇದು ಕಂಪನಿಯ ವೆಬ್‌ಸೈಟ್ www.jckgroup.in ನಲ್ಲಿಯೂ ಲಭ್ಯವಿದೆ. ರಿಮೋಟ್ ಇ-ಮತದಾನವು ಸೆಪ್ಟೆಂಬರ್ 22, 2025 ರಂದು ಬೆಳಿಗ್ಗೆ 9.00 ಗಂಟೆಗೆ ಪ್ರಾರಂಭವಾಗಿ ಸೆಪ್ಟೆಂಬರ್ 24, 2025 ರಂದು ಸಂಜೆ 5.00 ಗಂಟೆಗೆ ಕೊನೆಗೊಳ್ಳುತ್ತದೆ. ಕಟ್-ಆಫ್ ದಿನಾಂಕ ಸೆಪ್ಟೆಂಬರ್ 18, 2025. ಸದಸ್ಯರ ನೋಂದಣಿ ಮತ್ತು ಷೇರು ವರ್ಗಾವಣೆ ಪುಸ್ತಕಗಳನ್ನು ಸೆಪ್ಟೆಂಬರ್ 19, 2025 ರಿಂದ ಸೆಪ್ಟೆಂಬರ್ 25, 2025 ರವರೆಗೆ ಮುಚ್ಚಲಾಗುತ್ತದೆ. ಇ-ಮತದಾನಕ್ಕೆ ಸಂಬಂಧಿಸಿದ ಯಾವುದೇ ಪ್ರಶ್ನೆಗಳಿಗೆ www.evotingindia.com ನಲ್ಲಿ ಲಭ್ಯವಿರುವ FAQ ಗಳನ್ನು ನೋಡಬಹುದು ಅಥವಾ helpdesk.evoting@cdslindia.com ಗೆ ಇಮೇಲ್ ಮಾಡಬಹುದು. ಸಂಪರ್ಕಕ್ಕಾಗಿ giri@integratedindia.in, investors@jckgroup.in
ಕಂಪನಿಯ ಸದಸ್ಯರ 45ನೇ ವಾರ್ಷಿಕ ಸಾಮಾನ್ಯ ಸಭೆಯು (AGM) ಸೆಪ್ಟೆಂಬರ್ 25, 2025ರ ಗುರುವಾರ ಮಧ್ಯಾಹ್ನ 11.30 ಗಂಟೆಗೆ ವಿಡಿಯೋ ಕಾನ್ಫರೆನ್ಸ್ (VC) / ಇತರ ಆಡಿಯೋ ವಿಷುವಲ್ ಮೀನ್ಸ್ (OAVM) ಮೂಲಕ ನಡೆಯಲಿದೆ. 2024-25ನೇ ಹಣಕಾಸು ವರ್ಷದ ವಾರ್ಷಿಕ ವರದಿಯನ್ನು ಎಲೆಕ್ಟ್ರಾನಿಕ್ ವಿಧಾನದ ಮೂಲಕ ಸದಸ್ಯರಿಗೆ ಕಳುಹಿಸಲಾಗಿದೆ. ಇದು ಕಂಪನಿಯ ವೆಬ್‌ಸೈಟ್ www.jckgroup.in ನಲ್ಲಿಯೂ ಲಭ್ಯವಿದೆ. ರಿಮೋಟ್ ಇ-ಮತದಾನವು ಸೆಪ್ಟೆಂಬರ್ 22, 2025 ರಂದು ಬೆಳಿಗ್ಗೆ 9.00 ಗಂಟೆಗೆ ಪ್ರಾರಂಭವಾಗಿ ಸೆಪ್ಟೆಂಬರ್ 24, 2025 ರಂದು ಸಂಜೆ 5.00 ಗಂಟೆಗೆ ಕೊನೆಗೊಳ್ಳುತ್ತದೆ. ಕಟ್-ಆಫ್ ದಿನಾಂಕ ಸೆಪ್ಟೆಂಬರ್ 18, 2025. ಸದಸ್ಯರ ನೋಂದಣಿ ಮತ್ತು ಷೇರು ವರ್ಗಾವಣೆ ಪುಸ್ತಕಗಳನ್ನು ಸೆಪ್ಟೆಂಬರ್ 19, 2025 ರಿಂದ ಸೆಪ್ಟೆಂಬರ್ 25, 2025 ರವರೆಗೆ ಮುಚ್ಚಲಾಗುತ್ತದೆ. ಇ-ಮತದಾನಕ್ಕೆ ಸಂಬಂಧಿಸಿದ ಯಾವುದೇ ಪ್ರಶ್ನೆಗಳಿಗೆ www.evotingindia.com ನಲ್ಲಿ ಲಭ್ಯವಿರುವ FAQ ಗಳನ್ನು ನೋಡಬಹುದು ಅಥವಾ helpdesk.evoting@cdslindia.com ಗೆ ಇಮೇಲ್ ಮಾಡಬಹುದು. ಸಂಪರ್ಕಕ್ಕಾಗಿ giri@integratedindia.in, investors@jckgroup.in
ನಿರ್ದೇಶಕ ಮಂಡಳಿಯ ಆದೇಶದಂತೆ, ಜೆಸಿಕೆ ಇನ್ಫ್ರಾಸ್ಟ್ರಕ್ಚರ್ ಡೆವಲಪ್ಮೆಂಟ್ ಲಿಮಿಟೆಡ್, ಸಹಿ/- ಪ್ರದೀಪ್ ಅರ್ಶಿ, ಕಂಪನಿ ಸೆಕ್ರೆಟರಿ
ಸ್ಥಳ: ಬೆಂಗಳೂರು
ದಿನಾಂಕ: 30.08.2025
ಕರ್ನಾಟಕ ಸರ್ಕಾರ
ಕಾರ್ಯನಿರ್ವಾಹಕ ಇಂಜಿನಿಯರರ ಕಛೇರಿ,
ಲೋ.ಕೋ. ಇಲಾಖೆ, ಉಡುಪಿ ವಿಭಾಗ, ಉಡುಪಿ - 576101
ದೂರವಾಣಿ & ಫ್ಯಾಕ್ಸ್ : (0820) 2531802
ಸಂ:ಕಾಇಂ/ಲೋಕೋಇ/ಉಡು/ಟೆಂಡರ್/13/2025-26/ಆರ್-2	ದಿನಾಂಕ: 30.08.2025
ಅಲ್ಪಾವಧಿ ಟೆಂಡರ್ ಪ್ರಕಟಣೆ
2025-26ನೇ ಸಾಲಿನ 3054 - ರಾಜ್ಯ ರಸ್ತೆ ಮತ್ತು ಜಿಲ್ಲಾ ಮುಖ್ಯ ರಸ್ತೆಗಳ ನಿರ್ವಹಣೆ ಯೋಜನೆಯಡಿ ರೂ. 6.00 ಲಕ್ಷದಿಂದ ರೂ. 75.00 ಲಕ್ಷಗಳ ಅಂದಾಜು ಮೊತ್ತದ 95 ಕಾಮಗಾರಿಗಳಿಗೆ ಇ-ಪ್ರೊಕ್ಯೂರ್‌ಮೆಂಟ್ ಮೂಲಕ ಅರ್ಹ ಗುತ್ತಿಗೆದಾರರಿಂದ ಟೆಂಡರ್‌ಗಳನ್ನು ಆಹ್ವಾನಿಸಲಾಗಿದೆ. ಟೆಂಡರ್ ದಸ್ತಾವೇಜುಗಳನ್ನು "https://kppp.karnataka.gov.in" ವೆಬ್‌ಸೈಟ್‌ನಲ್ಲಿ ಪಡೆಯಬಹುದಾಗಿದೆ. ಟೆಂಡರ್ ಸಲ್ಲಿಸಲು ಕೊನೆಯ ದಿನಾಂಕ: 09.09.2025ರಂದು ಸಂಜೆ 5.30ರ ವರೆಗೆ. ಹೆಚ್ಚಿನ ಮಾಹಿತಿಗಾಗಿ ಕಛೇರಿಯ ವೇಳೆಯಲ್ಲಿ ಸಂಪರ್ಕಿಸಬಹುದಾಗಿದೆ.
ಸಹಿ/- ಕಾರ್ಯನಿರ್ವಾಹಕ ಅಭಿಯಂತರರು, ಲೋಕೋಪಯೋಗಿ ಇಲಾಖೆ, ಉಡುಪಿ ವಿಭಾಗ, ಉಡುಪಿ.
ಕರ್ನಾಟಕ ಸರ್ಕಾರ
ಕಾರ್ಯನಿರ್ವಾಹಕ ಇಂಜಿನಿಯರರು
ಲೋಕೋಪಯೋಗಿ ಇಲಾಖೆ ವಿಭಾಗ ಕಛೇರಿ
Phone No : 08372-238782 Fax No. 08372-237268
E-Mail : eepwdgad@gmail.com
ಸಂ:ಕಾಇ/ಲೋಇ/ಗದ/ಟೆಂಡರ್/ವಿಭಾಗ-4/2,3,4,5/2025-26	ದಿನಾಂಕ : 29/08/2025
ಟೆಂಡರ್ ಪ್ರಕಟಣೆ
ಕರ್ನಾಟಕ ಲೋಕೋಪಯೋಗಿ ಇಲಾಖೆಯ ಗದಗ ವಿಭಾಗದ ವ್ಯಾಪ್ತಿಯಲ್ಲಿ ಬರುವ ಕಾಮಗಾರಿಗಳ ಅಂದಾಜು ಮೊತ್ತ ರೂ. 5.00 ಲಕ್ಷದಿಂದ ರೂ. 94.00 ಲಕ್ಷಗಳವರೆಗಿನ 55 ಕಾಮಗಾರಿಗಳಿಗೆ ಕರ್ನಾಟಕ ಸರ್ಕಾರದ ಇ-ಪ್ರೊಕ್ಯೂರ್‌ಮೆಂಟ್ ಪೋರ್ಟಲ್ ಮೂಲಕ ಟೆಂಡರ್‌ಗಳನ್ನು ಆಹ್ವಾನಿಸಲಾಗಿದೆ. http://www.kppp.karnataka.gov.in/ ವೆಬ್‌ಸೈಟ್‌ನಲ್ಲಿ ವೀಕ್ಷಿಸಬಹುದು.
Work Indent No : Part-1 : 24469-ST, 24461, 23882, 24468-SC, 24501, 24431, 24447, 24439, 23880, 23884, 23887-SC, 23891, 24450, 23885, 24463-SC, 24290, 24299-ST, 24396, 24422-ST, 24462-Category-2A, 24430-Category-2A, 24493-SC, 24007-SC, 24441, 23799-Category-2A, 23802-SC, 23803, 23809, 23813-Category-2A, 23819-Category-2A, 23821, 23824, 23827, 23830, 23834-Category-1, 23826-Category-2A, 23838-ST, 23843, 23849, 23853-SC, 23861-SC, 23863, 24463, 24401, 24300-Category-1, 24301, 24403-SC, 24008-Category-2A, 23942, 24452, 24287-SC, 24318, 24337-ST, and 24319.
ಟೆಂಡರ್ ಸಲ್ಲಿಸಲು ಪ್ರಾರಂಭದ ದಿನಾಂಕ : 08-09-2025 ರಿಂದ ಕೊನೆಯ ದಿನಾಂಕ : 10-09-2025 ಸಂಜೆ 4.00 ಗಂಟೆಯವರೆಗೆ. ತಾಂತ್ರಿಕ ಬಿಡ್ ತೆರೆಯುವ ದಿನಾಂಕ : 11-09-2025 ರಿಂದ 12-09-2025
Work Indent No : Part-2 : 19848/Call-2, 22513/Call-2 Category-2A
ಟೆಂಡರ್ ಸಲ್ಲಿಸಲು ಪ್ರಾರಂಭದ ದಿನಾಂಕ : 12-09-2025 ರಿಂದ ಕೊನೆಯ ದಿನಾಂಕ : 17-09-2025 ಸಂಜೆ 4.00 ಗಂಟೆಯವರೆಗೆ. ತಾಂತ್ರಿಕ ಬಿಡ್ ತೆರೆಯುವ ದಿನಾಂಕ : 18-09-2025 ರಿಂದ 19-09-2025
GST shall be paid separately as per prevailing Government Order. The increase in GST shall not be paid in the extended period of contract for which the contractor alone is responsible for delay as determined by the authority while granting the extension of time.
ಸಹಿ/- ಕಾರ್ಯನಿರ್ವಾಹಕ ಇಂಜಿನಿಯರರು, ಲೋ.ಇ. ಗದಗ
ಮಾಇನಿ/ಸಿಆರ್‌ಆರ್/1257/2025-26
ಕರ್ನಾಟಕ ನೀರಾವರಿ ನಿಗಮ ನಿಯಮಿತ
(ಕರ್ನಾಟಕ ಸರ್ಕಾರದ ಉದ್ಯಮ)
ಕಾರ್ಯಪಾಲಕ ಅಭಿಯಂತರರ ಕಛೇರಿ, ಕ.ನೀ.ನಿ.ನಿ., ಮಲಪ್ರಭಾ ಕಾಲುವೆ ವಿಭಾಗ ನಂ.1, ಮುನವಳ್ಳಿ ತಾ: ಸವದತ್ತಿ - 580 023.
ದೂ : 0836-2315225 ಇ-ಮೇಲ್ : eemlcc1bgt@gmail.com
ಸಂಖ್ಯೆ : ಕ.ನೀ.ನಿ.ನಿ/ಮ.ಕಾ.ವಿ-3/ತಾ-2/ಟೆಂಡರ್/2025-26/899
ದಿನಾಂಕ : 29-08-2025
ಟೆಂಡರ್ ಪ್ರಕಟಣೆ (2ನೇ ಕರೆ)
(ಇ-ಪ್ರೊಕ್ಯೂರ್‌ಮೆಂಟ್ ಪೋರ್ಟಲ್ ಮುಖಾಂತರ)
ವ್ಯವಸ್ಥಾಪಕ ನಿರ್ದೇಶಕರು, ಕ.ನೀ.ನಿ.ನಿ., ಬೆಂಗಳೂರು ಇವರ ಪರವಾಗಿ ಕಾರ್ಯಪಾಲಕ ಅಭಿಯಂತರರು, ಕರ್ನಾಟಕ ನೀರಾವರಿ ನಿಗಮ ನಿಯಮಿತ, ಮಲಪ್ರಭಾ ಕಾಲುವೆ ವಿಭಾಗ, ಮುನವಳ್ಳಿ ಇವರು ಈ ಕೆಳಕಂಡ ಕಾಮಗಾರಿಗಾಗಿ ಅರ್ಹ ಗುತ್ತಿಗೆದಾರರಿಂದ ಇ-ಪ್ರೊಕ್ಯೂರ್‌ಮೆಂಟ್ ಮೂಲಕ ಟೆಂಡರ್ ಆಹ್ವಾನಿಸಿದ್ದಾರೆ.
ಇಂಡೆಂಟ್ ಸಂಖ್ಯೆ : 3081.
ಕಾಮಗಾರಿಯ ಅಂದಾಜು ಮೊತ್ತ : ರೂ. 75.00 ಲಕ್ಷಗಳು,
ಇ.ಎಂ.ಡಿ. ಮೊತ್ತ : ರೂ. 1,27,500/-.
ಇ-ಟೆಂಡರ್ ದಾಖಲೆಗಳನ್ನು ದಿನಾಂಕ : 18-09-2025 ರ ಸಂಜೆ 4.00 ಗಂಟೆಯವರೆಗೆ ಡೌನ್‌ಲೋಡ್ ಮಾಡಿಕೊಳ್ಳಬಹುದು. ತಾಂತ್ರಿಕ ಬಿಡ್ ತೆರೆಯುವ ದಿನಾಂಕ : 20-09-2025 ರಂದು ಬೆಳಿಗ್ಗೆ 11.00 ಗಂಟೆಗೆ. ಹೆಚ್ಚಿನ ಮಾಹಿತಿಗಾಗಿ http://kppp.karnataka.gov.in ಅನ್ನು ಸಂಪರ್ಕಿಸಬಹುದು.
ಹೆಚ್ಚಿನ ಮಾಹಿತಿಗಾಗಿ ಈ ಕಚೇರಿ ದೂರವಾಣಿ ಸಂಖ್ಯೆ : 0836-2315225 ಇಲ್ಲಿ ಸಂಪರ್ಕಿಸಬಹುದು.
ಸಹಿ/- ಕಾರ್ಯಪಾಲಕ ಅಭಿಯಂತರರು, ಕ.ನೀ.ನಿ.ನಿ., ಮಲಪ್ರಭಾ ಕಾಲುವೆ ವಿಭಾಗ ನಂ.1, ಮುನವಳ್ಳಿ
ವಾಇ/ಮುದ್ರಣ/ಸಿಆರ್‌ಆರ್/1251/2025-26
ಕರ್ನಾಟಕ ಸರ್ಕಾರ
(Govt. of Karnataka)
ಕಾವೇರಿ ನೀರಾವರಿ ನಿಗಮ ನಿಯಮಿತ,
ಜಲಸಂಪನ್ಮೂಲ ಇಲಾಖೆ.
ಕಾರ್ಯಪಾಲಕ ಅಭಿಯಂತರರ ಕಛೇರಿ, ಹೇಮಾವತಿ ಬಲದಂಡೆ ನಾಲಾ ವಿಭಾಗ, ಹೊಳೆನರಸೀಪುರ, ಹಾಸನ ಜಿಲ್ಲೆ - 573211
Office of the Executive Engineer, Hemavathy Right Bank Canal, Division, Holenarasipura, Hassan District-573211
ದೂ : 08175-273238 ಇ-ಮೇಲ್ : eehrbchnp@gmail.com
Phone: 08175-273238
ಅಲ್ಪಾವಧಿ ಟೆಂಡರ್ ಪ್ರಕಟಣೆ ಸಂಖ್ಯೆ 05/2023-24
ದಿನಾಂಕ : 27.02.2024/2ನೇ ಕರೆ
ವ್ಯವಸ್ಥಾಪಕ ನಿರ್ದೇಶಕರು, ಕಾವೇರಿ ನೀರಾವರಿ ನಿಗಮ ನಿಯಮಿತ, ಬೆಂಗಳೂರು ಇವರ ಪರವಾಗಿ Department of Electrical Inspectorate as Class-I (Elec.) & above ನೋಂದಾಯಿತ ಅರ್ಹ ಗುತ್ತಿಗೆದಾರರಿಂದ ಕರ್ನಾಟಕ ಸರ್ಕಾರದ KW-2 & KW-3 ಇ-ಪ್ರೊಕ್ಯೂರ್‌ಮೆಂಟ್ ಪೋರ್ಟಲ್ https://kppp.karnataka.gov.in/ ಮೂಲಕ ಟೆಂಡರ್ ಆಹ್ವಾನಿಸಲಾಗಿದೆ. ಟೆಂಡರ್ ಪ್ರಕಟಣೆ ದಿನಾಂಕ: 29.08.2025 ರಿಂದ 06.09.2025 ರಂದು ಸಂಜೆ 4.00 ಗಂಟೆಯವರೆಗೆ. ತಾಂತ್ರಿಕ ಬಿಡ್ ತೆರೆಯುವ ದಿನಾಂಕ: 08.09.2025 ರಂದು ಬೆಳಿಗ್ಗೆ 11.00 ಗಂಟೆಗೆ. ಆರ್ಥಿಕ ಬಿಡ್ ತೆರೆಯುವ ದಿನಾಂಕ: 10.09.2025. ಕಾಮಗಾರಿಯ ಅಂದಾಜು ಮೊತ್ತ: ರೂ.41.25 ಲಕ್ಷಗಳು. ರೂ.0.825 ಲಕ್ಷಗಳ ಇ.ಎಂ.ಡಿ. ಹೆಚ್ಚಿನ ಮಾಹಿತಿಗಾಗಿ https://kppp.karnataka.gov.in/ ವೆಬ್‌ಸೈಟ್ ನೋಡಬಹುದು.
ವ್ಯವಸ್ಥಾಪಕ ನಿರ್ದೇಶಕರು, ಕಾವೇರಿ ನೀರಾವರಿ ನಿಗಮ ನಿಯಮಿತ, ಬೆಂಗಳೂರು ಇವರ ಪರವಾಗಿ Department of Electrical Inspectorate as Class-I (Elec.) & above ನೋಂದಾಯಿತ ಅರ್ಹ ಗುತ್ತಿಗೆದಾರರಿಂದ ಕರ್ನಾಟಕ ಸರ್ಕಾರದ KW-2 & KW-3 ಇ-ಪ್ರೊಕ್ಯೂರ್‌ಮೆಂಟ್ ಪೋರ್ಟಲ್ https://kppp.karnataka.gov.in/ ಮೂಲಕ ಟೆಂಡರ್ ಆಹ್ವಾನಿಸಲಾಗಿದೆ. ಟೆಂಡರ್ ಪ್ರಕಟಣೆ ದಿನಾಂಕ: 29.08.2025 ರಿಂದ 06.09.2025 ರಂದು ಸಂಜೆ 4.00 ಗಂಟೆಯವರೆಗೆ. ತಾಂತ್ರಿಕ ಬಿಡ್ ತೆರೆಯುವ ದಿನಾಂಕ: 08.09.2025 ರಂದು ಬೆಳಿಗ್ಗೆ 11.00 ಗಂಟೆಗೆ. ಆರ್ಥಿಕ ಬಿಡ್ ತೆರೆಯುವ ದಿನಾಂಕ: 10.09.2025. ಕಾಮಗಾರಿಯ ಅಂದಾಜು ಮೊತ್ತ: ರೂ.41.25 ಲಕ್ಷಗಳು. ರೂ.0.825 ಲಕ್ಷಗಳ ಇ.ಎಂ.ಡಿ. ಹೆಚ್ಚಿನ ಮಾಹಿತಿಗಾಗಿ https://kppp.karnataka.gov.in/ ವೆಬ್‌ಸೈಟ್ ನೋಡಬಹುದು.
ಸಹಿ/- ಕಾರ್ಯಪಾಲಕ ಇಂಜಿನಿಯರ್, ಹೇ.ಬ.ನಾ.ನಾ ವಿಭಾಗ, ಹೊಳೆನರಸೀಪುರ
IN THE COURT OF THE III ADDL CITY CIVIL AND SESSIONS JUDGE AT BENGALURU P & SC No. 455/2025 (CCH-25)
BETWEEN: 1. Smt.NILAM DEVI SETHIA, W/o Late Sha Chand Sethia, aged about 67 yrs, R/at Flat No.1053, 5th Floor, Tower 1, Prestige West Woods, Near Lulu Mall, Binnypet, Magadi Road, Bengaluru-560023 ... PETITIONERS. WHEREAS the Petitioners have filed a Petition under Section 372 of Indian Succession Act, seeking Succession certificate in their favour. The Petitioner No.1 is the husband of Late Sha Chand Sethia. Interested parties are hereby noticed to appear in this Court in person or through pleader on 24.09.2025 at 11.00 A.M. In the above case, failing which Petition will be heard and determined ex-parte.
PUBLIC NOTICE
BETWEEN: 1. Smt.NILAM DEVI SETHIA, W/o Late Sha Chand Sethia, aged about 67 yrs, R/at Flat No.1053, 5th Floor, Tower 1, Prestige West Woods, Near Lulu Mall, Binnypet, Magadi Road, Bengaluru-560023 ... PETITIONERS. WHEREAS the Petitioners have filed a Petition under Section 372 of Indian Succession Act, seeking Succession certificate in their favour. The Petitioner No.1 is the husband of Late Sha Chand Sethia. Interested parties are hereby noticed to appear in this Court in person or through pleader on 24.09.2025 at 11.00 A.M. In the above case, failing which Petition will be heard and determined ex-parte.
SCHEDULE PROPERTY
The Details of the Value of the shares of Rs.40,80,962.28 (Rupees Forty Eight Lakhs Eighty Thousand Nine Hundred Sixty Two and Twenty Eight Paise) as on 22-07-2025, in Demat A/C bearing DP ID 12010600, Client ID 11181435, IN30051320912485.
SL.NO	ISIN	SCRIPNAME	QUANTITY	AMOUNT
1	INE062A01016	State Bank of India	4000	Rs.40,000.00
2	INE079A01024	Ambuja Cements Limited	1000	Rs.58,300.00
3	INE825A01012	Vakrangee Limited	1704	Rs.1,46,266.80
4	INE245A01021	Tata Power Company Ltd	3000	Rs.400.00
5	INE148F01024	Rain Industries Ltd	1943	Rs.58,290.00
6	INE528A01015	Caplin Point Lab Ltd	500	Rs.3,87,000.00
7	INE154A01025	ITC Limited	300	Rs.1,23,000.00
8	INE018A01030	Larsen Toubro Ltd	100	Rs.3,60,500.00
9	INE121A01024	Cholamandalam Inv	100	Rs.1,42,000.00
10	INE628A01036	UPL Limited	500	Rs.3,35,500.00
11	INE092T01019	IDFC First Bank Ltd	2000	Rs.1,42,000.00
12	INE237A01028	Kotak Mahindra Bank	100	Rs.1,96,200.00
13	INE001A01036	HDFC Limited	200	Rs.5,50,000.00
14	INE238A01034	Axis Bank Limited	500	Rs.5,35,000.00
15	INE869I01013	Bajaj Holdings	200	Rs.25,000.00
16	INE123W01016	SBI Life Insurance	300	Rs.5,58,000.00
17	INE040A01034	HDFC Bank Limited	400	Rs.7,98,000.00
18	INE090A01021	ICICI Bank Limited	500	Rs.7,10,000.00
19	INE002A01018	Reliance Industries	200	Rs.2,76,000.00
20	INE467B01029	Tata Consultancy Svc	50	Rs.1,55,000.00
21	INE009A01021	Infosys Limited	100	Rs.1,48,000.00
22	INE075A01022	Wipro Limited	300	Rs.75,600.00
23	INE155A01022	Tata Motors Limited	200	Rs.1,30,000.00
24	INE585B01010	Maruti Suzuki India	10	Rs.1,20,000.00
25	INE030A01027	Hindustan Unilever	100	Rs.2,48,000.00
		TOTAL		Rs.40,80,962.28
Given under my hand and seal of this court on this 29th day of August 2025.
SRI. S.A. MARUTHI PRASAD, Advocates No.12/1, 1st Floor, 4th Main, Gandhi Nagar, Bengaluru-560009. Mob: 9341270072.
ನಗರಸಭೆ ಕಾರ್ಯಾಲಯ ಮುಧೋಳ ಜಿಲ್ಲಾ:ಬಾಗಲಕೋಟೆ
ಸಂಖ್ಯೆ: ನಸಮು/ಕಾಮ/ಟೆಂಡರ್/ಸಿಆರ್-19/2025-26	ದಿನಾಂಕ: 30.08.2025
1 ನೇ ಕರೆ ಪ್ರಕಟಣೆ (ಕೆ.ಪಿ.ಪಿ. ಪೋರ್ಟಲ್ ಮುಖಾಂತರ ಮಾತ್ರ)
2025-26ನೇ ಸಾಲಿನ 15ನೇ ಹಣಕಾಸು ಯೋಜನೆಯಡಿಯಲ್ಲಿ ಮುಧೋಳ ನಗರಸಭೆ ವ್ಯಾಪ್ತಿಯಲ್ಲಿ ಬರುವ ಕಾಮಗಾರಿಗಳನ್ನು ಕೈಗೊಳ್ಳಲು ಅರ್ಹ ಗುತ್ತಿಗೆದಾರರಿಂದ ಕರ್ನಾಟಕ ಸರ್ಕಾರದ ಇ-ಪ್ರೊಕ್ಯೂರ್‌ಮೆಂಟ್ ಪೋರ್ಟಲ್ http://kppp.karnataka.gov.in ಮೂಲಕ ಟೆಂಡರ್‌ಗಳನ್ನು ಆಹ್ವಾನಿಸಲಾಗಿದೆ. ಟೆಂಡರ್‌ದಾರರು ಕಡ್ಡಾಯವಾಗಿ ಇ-ಪ್ರೊಕ್ಯೂರ್‌ಮೆಂಟ್ ಪೋರ್ಟಲ್‌ನಲ್ಲಿ ನೋಂದಣಿ ಮಾಡಿಕೊಂಡಿರಬೇಕು. ಹೆಚ್ಚಿನ ವಿವರಗಳಿಗಾಗಿ www.mudholcity.mrc.in ವೆಬ್‌ಸೈಟ್ ನೋಡಬಹುದು.
ಸನ್ 2024-25ನೇ ಸಾಲಿನ ಕಾಮಗಾರಿ
1)DMA/2025-26/OW/WORK_INDENT48478
2)DMA/2025-26/OW/WORK_INDENT48480
3)DMA/2025-26/OW/WORK_INDENT48485
4)DMA/2025-26/OW/WORK_INDENT48506
5)DMA/2025-26/OW/WORK_INDENT48509
6)DMA/2025-26/OW/WORK_INDENT48511
7)DMA/2025-26/OW/WORK_INDENT4851
8)DMA/2025-26/OW/WORK_INDENT45599/CALL-2
1) ಟೆಂಡರ್ ಸಲ್ಲಿಸಲು ಕೊನೆಯ ದಿನಾಂಕ 09.09.2025 ರಂದು 5:00 PM ರವರೆಗೆ. 2) ಟೆಂಡರ್ ತೆರೆಯುವ ದಿನಾಂಕ: 11.09.2025 ರಂದು 5:30 PM ರವರೆಗೆ.
ಸಹಿ/- ಅಧ್ಯಕ್ಷರು, ನಗರಸಭೆ ಮುಧೋಳ	ಸಹಿ/- ಪೌರಾಯುಕ್ತರು, ನಗರಸಭೆ ಮುಧೋಳ
